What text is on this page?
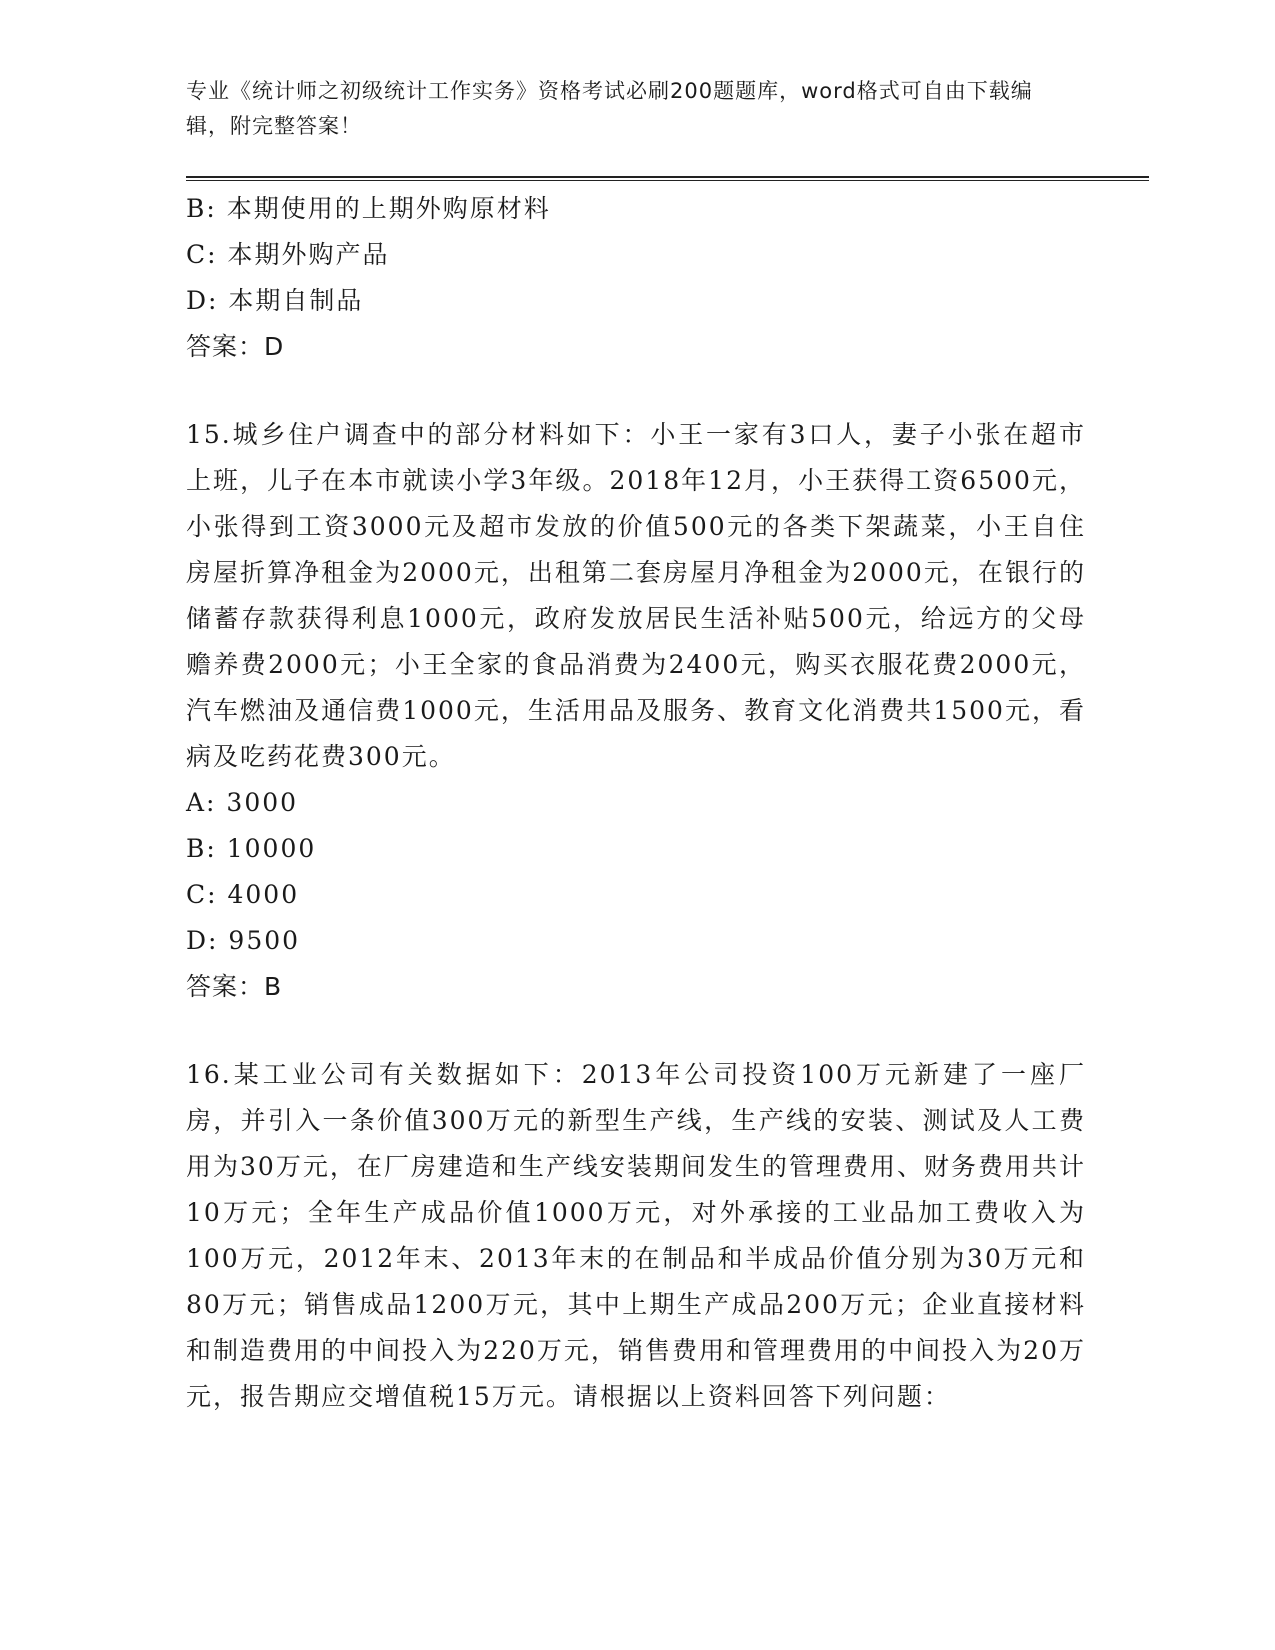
专业《统计师之初级统计工作实务》资格考试必刷200题题库，word格式可自由下载编辑，附完整答案！
B: 本期使用的上期外购原材料
C: 本期外购产品
D: 本期自制品
答案：D
15.城乡住户调查中的部分材料如下：小王一家有3口人，妻子小张在超市上班，儿子在本市就读小学3年级。2018年12月，小王获得工资6500元，小张得到工资3000元及超市发放的价值500元的各类下架蔬菜，小王自住房屋折算净租金为2000元，出租第二套房屋月净租金为2000元，在银行的储蓄存款获得利息1000元，政府发放居民生活补贴500元，给远方的父母赡养费2000元；小王全家的食品消费为2400元，购买衣服花费2000元，汽车燃油及通信费1000元，生活用品及服务、教育文化消费共1500元，看病及吃药花费300元。
A: 3000
B: 10000
C: 4000
D: 9500
答案：B
16.某工业公司有关数据如下：2013年公司投资100万元新建了一座厂房，并引入一条价值300万元的新型生产线，生产线的安装、测试及人工费用为30万元，在厂房建造和生产线安装期间发生的管理费用、财务费用共计10万元；全年生产成品价值1000万元，对外承接的工业品加工费收入为100万元，2012年末、2013年末的在制品和半成品价值分别为30万元和80万元；销售成品1200万元，其中上期生产成品200万元；企业直接材料和制造费用的中间投入为220万元，销售费用和管理费用的中间投入为20万元，报告期应交增值税15万元。请根据以上资料回答下列问题：
